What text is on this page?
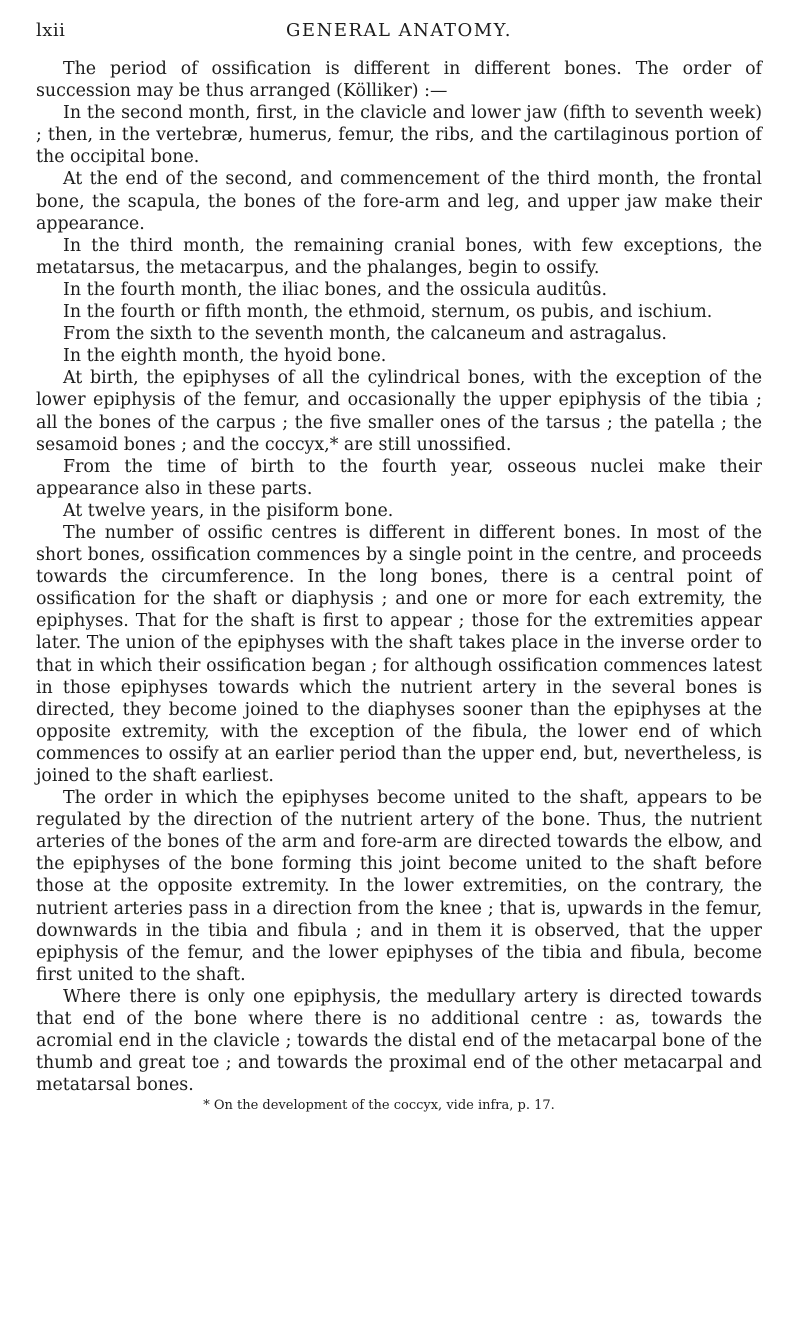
lxii	GENERAL ANATOMY.

The period of ossification is different in different bones. The order of succession may be thus arranged (Kölliker) :—

In the second month, first, in the clavicle and lower jaw (fifth to seventh week) ; then, in the vertebræ, humerus, femur, the ribs, and the cartilaginous portion of the occipital bone.

At the end of the second, and commencement of the third month, the frontal bone, the scapula, the bones of the fore-arm and leg, and upper jaw make their appearance.

In the third month, the remaining cranial bones, with few exceptions, the metatarsus, the metacarpus, and the phalanges, begin to ossify.

In the fourth month, the iliac bones, and the ossicula auditûs.

In the fourth or fifth month, the ethmoid, sternum, os pubis, and ischium.

From the sixth to the seventh month, the calcaneum and astragalus.

In the eighth month, the hyoid bone.

At birth, the epiphyses of all the cylindrical bones, with the exception of the lower epiphysis of the femur, and occasionally the upper epiphysis of the tibia ; all the bones of the carpus ; the five smaller ones of the tarsus ; the patella ; the sesamoid bones ; and the coccyx,* are still unossified.

From the time of birth to the fourth year, osseous nuclei make their appearance also in these parts.

At twelve years, in the pisiform bone.

The number of ossific centres is different in different bones. In most of the short bones, ossification commences by a single point in the centre, and proceeds towards the circumference. In the long bones, there is a central point of ossification for the shaft or diaphysis ; and one or more for each extremity, the epiphyses. That for the shaft is first to appear ; those for the extremities appear later. The union of the epiphyses with the shaft takes place in the inverse order to that in which their ossification began ; for although ossification commences latest in those epiphyses towards which the nutrient artery in the several bones is directed, they become joined to the diaphyses sooner than the epiphyses at the opposite extremity, with the exception of the fibula, the lower end of which commences to ossify at an earlier period than the upper end, but, nevertheless, is joined to the shaft earliest.

The order in which the epiphyses become united to the shaft, appears to be regulated by the direction of the nutrient artery of the bone. Thus, the nutrient arteries of the bones of the arm and fore-arm are directed towards the elbow, and the epiphyses of the bone forming this joint become united to the shaft before those at the opposite extremity. In the lower extremities, on the contrary, the nutrient arteries pass in a direction from the knee ; that is, upwards in the femur, downwards in the tibia and fibula ; and in them it is observed, that the upper epiphysis of the femur, and the lower epiphyses of the tibia and fibula, become first united to the shaft.

Where there is only one epiphysis, the medullary artery is directed towards that end of the bone where there is no additional centre : as, towards the acromial end in the clavicle ; towards the distal end of the metacarpal bone of the thumb and great toe ; and towards the proximal end of the other metacarpal and metatarsal bones.

* On the development of the coccyx, vide infra, p. 17.
